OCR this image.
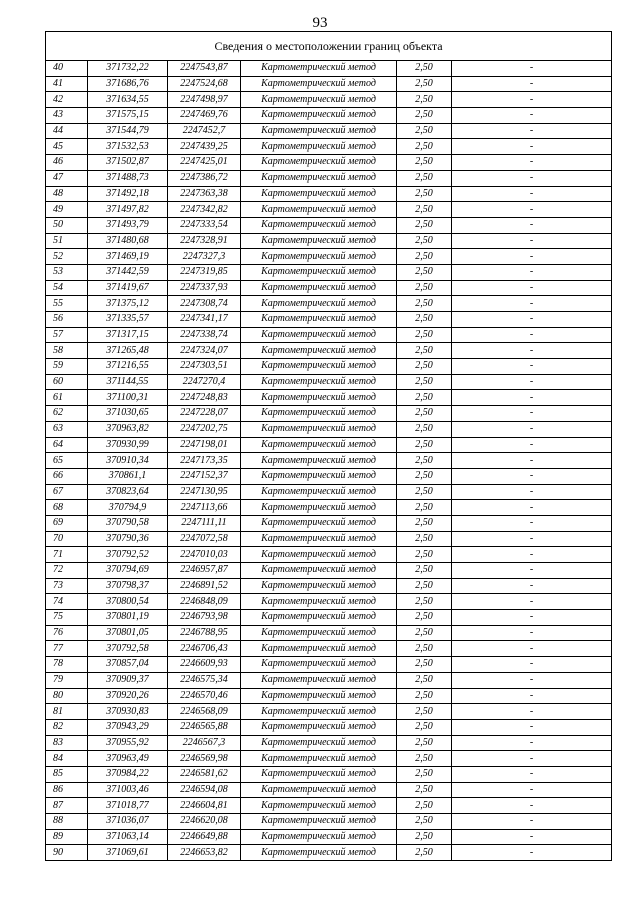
93
Сведения о местоположении границ объекта					
40	371732,22	2247543,87	Картометрический метод	2,50	-
41	371686,76	2247524,68	Картометрический метод	2,50	-
42	371634,55	2247498,97	Картометрический метод	2,50	-
43	371575,15	2247469,76	Картометрический метод	2,50	-
44	371544,79	2247452,7	Картометрический метод	2,50	-
45	371532,53	2247439,25	Картометрический метод	2,50	-
46	371502,87	2247425,01	Картометрический метод	2,50	-
47	371488,73	2247386,72	Картометрический метод	2,50	-
48	371492,18	2247363,38	Картометрический метод	2,50	-
49	371497,82	2247342,82	Картометрический метод	2,50	-
50	371493,79	2247333,54	Картометрический метод	2,50	-
51	371480,68	2247328,91	Картометрический метод	2,50	-
52	371469,19	2247327,3	Картометрический метод	2,50	-
53	371442,59	2247319,85	Картометрический метод	2,50	-
54	371419,67	2247337,93	Картометрический метод	2,50	-
55	371375,12	2247308,74	Картометрический метод	2,50	-
56	371335,57	2247341,17	Картометрический метод	2,50	-
57	371317,15	2247338,74	Картометрический метод	2,50	-
58	371265,48	2247324,07	Картометрический метод	2,50	-
59	371216,55	2247303,51	Картометрический метод	2,50	-
60	371144,55	2247270,4	Картометрический метод	2,50	-
61	371100,31	2247248,83	Картометрический метод	2,50	-
62	371030,65	2247228,07	Картометрический метод	2,50	-
63	370963,82	2247202,75	Картометрический метод	2,50	-
64	370930,99	2247198,01	Картометрический метод	2,50	-
65	370910,34	2247173,35	Картометрический метод	2,50	-
66	370861,1	2247152,37	Картометрический метод	2,50	-
67	370823,64	2247130,95	Картометрический метод	2,50	-
68	370794,9	2247113,66	Картометрический метод	2,50	-
69	370790,58	2247111,11	Картометрический метод	2,50	-
70	370790,36	2247072,58	Картометрический метод	2,50	-
71	370792,52	2247010,03	Картометрический метод	2,50	-
72	370794,69	2246957,87	Картометрический метод	2,50	-
73	370798,37	2246891,52	Картометрический метод	2,50	-
74	370800,54	2246848,09	Картометрический метод	2,50	-
75	370801,19	2246793,98	Картометрический метод	2,50	-
76	370801,05	2246788,95	Картометрический метод	2,50	-
77	370792,58	2246706,43	Картометрический метод	2,50	-
78	370857,04	2246609,93	Картометрический метод	2,50	-
79	370909,37	2246575,34	Картометрический метод	2,50	-
80	370920,26	2246570,46	Картометрический метод	2,50	-
81	370930,83	2246568,09	Картометрический метод	2,50	-
82	370943,29	2246565,88	Картометрический метод	2,50	-
83	370955,92	2246567,3	Картометрический метод	2,50	-
84	370963,49	2246569,98	Картометрический метод	2,50	-
85	370984,22	2246581,62	Картометрический метод	2,50	-
86	371003,46	2246594,08	Картометрический метод	2,50	-
87	371018,77	2246604,81	Картометрический метод	2,50	-
88	371036,07	2246620,08	Картометрический метод	2,50	-
89	371063,14	2246649,88	Картометрический метод	2,50	-
90	371069,61	2246653,82	Картометрический метод	2,50	-
